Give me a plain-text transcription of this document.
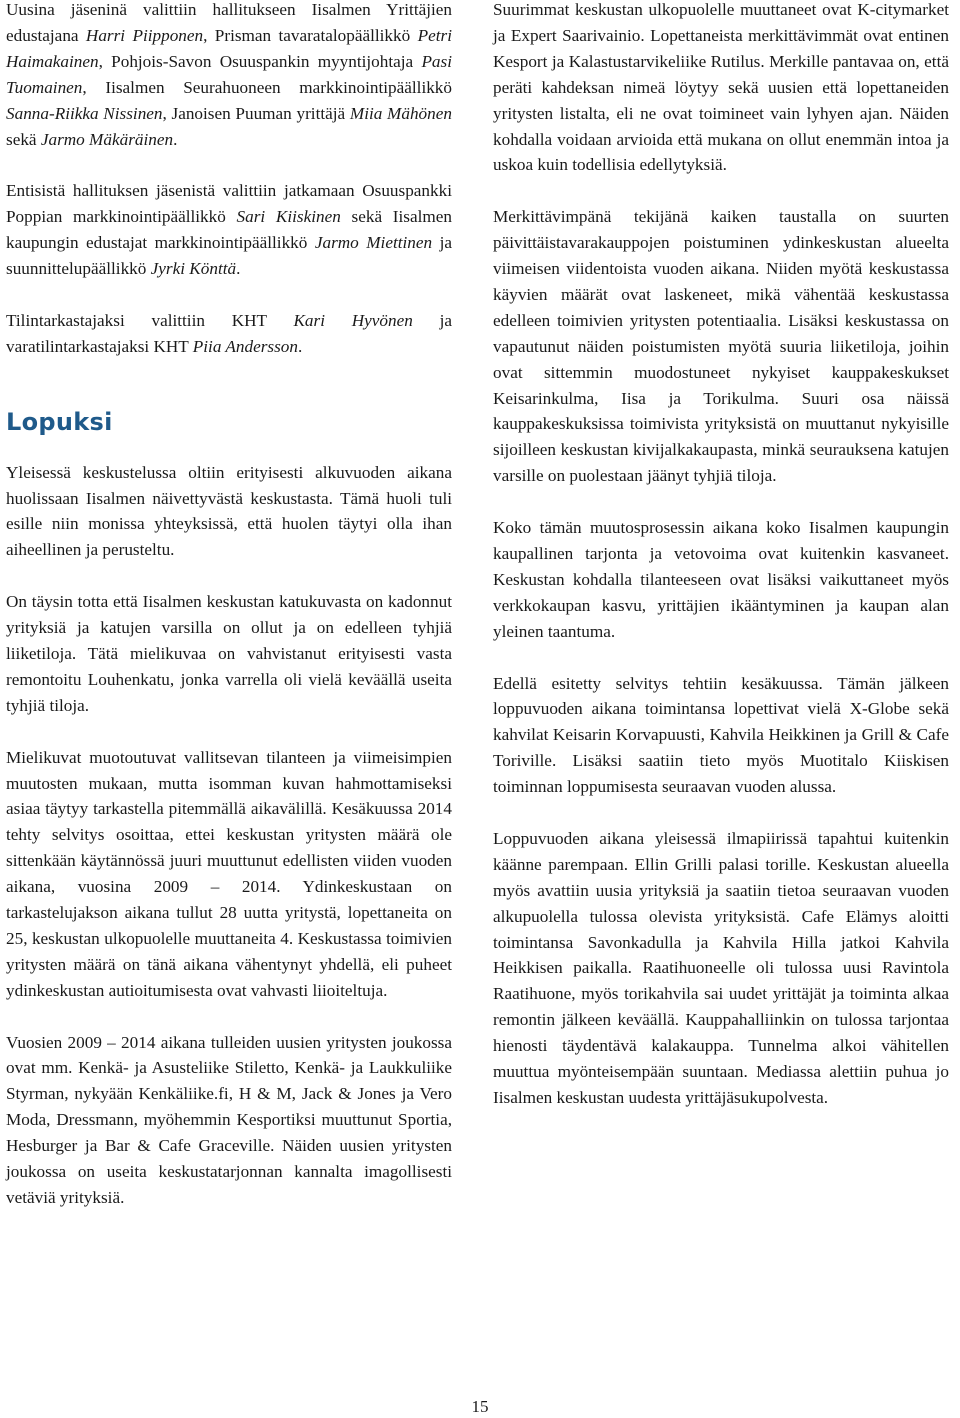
Uusina jäseninä valittiin hallitukseen Iisalmen Yrittäjien edustajana Harri Piipponen, Prisman tavaratalopäällikkö Petri Haimakainen, Pohjois-Savon Osuuspankin myyntijohtaja Pasi Tuomainen, Iisalmen Seurahuoneen markkinointipäällikkö Sanna-Riikka Nissinen, Janoisen Puuman yrittäjä Miia Mähönen sekä Jarmo Mäkäräinen.

Entisistä hallituksen jäsenistä valittiin jatkamaan Osuuspankki Poppian markkinointipäällikkö Sari Kiiskinen sekä Iisalmen kaupungin edustajat markkinointipäällikkö Jarmo Miettinen ja suunnittelupäällikkö Jyrki Könttä.

Tilintarkastajaksi valittiin KHT Kari Hyvönen ja varatilintarkastajaksi KHT Piia Andersson.

Lopuksi

Yleisessä keskustelussa oltiin erityisesti alkuvuoden aikana huolissaan Iisalmen näivettyvästä keskustasta. Tämä huoli tuli esille niin monissa yhteyksissä, että huolen täytyi olla ihan aiheellinen ja perusteltu.

On täysin totta että Iisalmen keskustan katukuvasta on kadonnut yrityksiä ja katujen varsilla on ollut ja on edelleen tyhjiä liiketiloja. Tätä mielikuvaa on vahvistanut erityisesti vasta remontoitu Louhenkatu, jonka varrella oli vielä keväällä useita tyhjiä tiloja.

Mielikuvat muotoutuvat vallitsevan tilanteen ja viimeisimpien muutosten mukaan, mutta isomman kuvan hahmottamiseksi asiaa täytyy tarkastella pitemmällä aikavälillä. Kesäkuussa 2014 tehty selvitys osoittaa, ettei keskustan yritysten määrä ole sittenkään käytännössä juuri muuttunut edellisten viiden vuoden aikana, vuosina 2009 – 2014. Ydinkeskustaan on tarkastelujakson aikana tullut 28 uutta yritystä, lopettaneita on 25, keskustan ulkopuolelle muuttaneita 4. Keskustassa toimivien yritysten määrä on tänä aikana vähentynyt yhdellä, eli puheet ydinkeskustan autioitumisesta ovat vahvasti liioiteltuja.

Vuosien 2009 – 2014 aikana tulleiden uusien yritysten joukossa ovat mm. Kenkä- ja Asusteliike Stiletto, Kenkä- ja Laukkuliike Styrman, nykyään Kenkäliike.fi, H & M, Jack & Jones ja Vero Moda, Dressmann, myöhemmin Kesportiksi muuttunut Sportia, Hesburger ja Bar & Cafe Gracevillе. Näiden uusien yritysten joukossa on useita keskustatarjonnan kannalta imagollisesti vetäviä yrityksiä.

Suurimmat keskustan ulkopuolelle muuttaneet ovat K-citymarket ja Expert Saarivainio. Lopettaneista merkittävimmät ovat entinen Kesport ja Kalastustarvikeliike Rutilus. Merkille pantavaa on, että peräti kahdeksan nimeä löytyy sekä uusien että lopettaneiden yritysten listalta, eli ne ovat toimineet vain lyhyen ajan. Näiden kohdalla voidaan arvioida että mukana on ollut enemmän intoa ja uskoa kuin todellisia edellytyksiä.

Merkittävimpänä tekijänä kaiken taustalla on suurten päivittäistavarakauppojen poistuminen ydinkeskustan alueelta viimeisen viidentoista vuoden aikana. Niiden myötä keskustassa käyvien määrät ovat laskeneet, mikä vähentää keskustassa edelleen toimivien yritysten potentiaalia. Lisäksi keskustassa on vapautunut näiden poistumisten myötä suuria liiketiloja, joihin ovat sittemmin muodostuneet nykyiset kauppakeskukset Keisarinkulma, Iisa ja Torikulma. Suuri osa näissä kauppakeskuksissa toimivista yrityksistä on muuttanut nykyisille sijoilleen keskustan kivijalkakaupasta, minkä seurauksena katujen varsille on puolestaan jäänyt tyhjiä tiloja.

Koko tämän muutosprosessin aikana koko Iisalmen kaupungin kaupallinen tarjonta ja vetovoima ovat kuitenkin kasvaneet. Keskustan kohdalla tilanteeseen ovat lisäksi vaikuttaneet myös verkkokaupan kasvu, yrittäjien ikääntyminen ja kaupan alan yleinen taantuma.

Edellä esitetty selvitys tehtiin kesäkuussa. Tämän jälkeen loppuvuoden aikana toimintansa lopettivat vielä X-Globe sekä kahvilat Keisarin Korvapuusti, Kahvila Heikkinen ja Grill & Cafe Toriville. Lisäksi saatiin tieto myös Muotitalo Kiiskisen toiminnan loppumisesta seuraavan vuoden alussa.

Loppuvuoden aikana yleisessä ilmapiirissä tapahtui kuitenkin käänne parempaan. Ellin Grilli palasi torille. Keskustan alueella myös avattiin uusia yrityksiä ja saatiin tietoa seuraavan vuoden alkupuolella tulossa olevista yrityksistä. Cafe Elämys aloitti toimintansa Savonkadulla ja Kahvila Hilla jatkoi Kahvila Heikkisen paikalla. Raatihuoneelle oli tulossa uusi Ravintola Raatihuone, myös torikahvila sai uudet yrittäjät ja toiminta alkaa remontin jälkeen keväällä. Kauppahalliinkin on tulossa tarjontaa hienosti täydentävä kalakauppa. Tunnelma alkoi vähitellen muuttua myönteisempään suuntaan. Mediassa alettiin puhua jo Iisalmen keskustan uudesta yrittäjäsukupolvesta.

15
